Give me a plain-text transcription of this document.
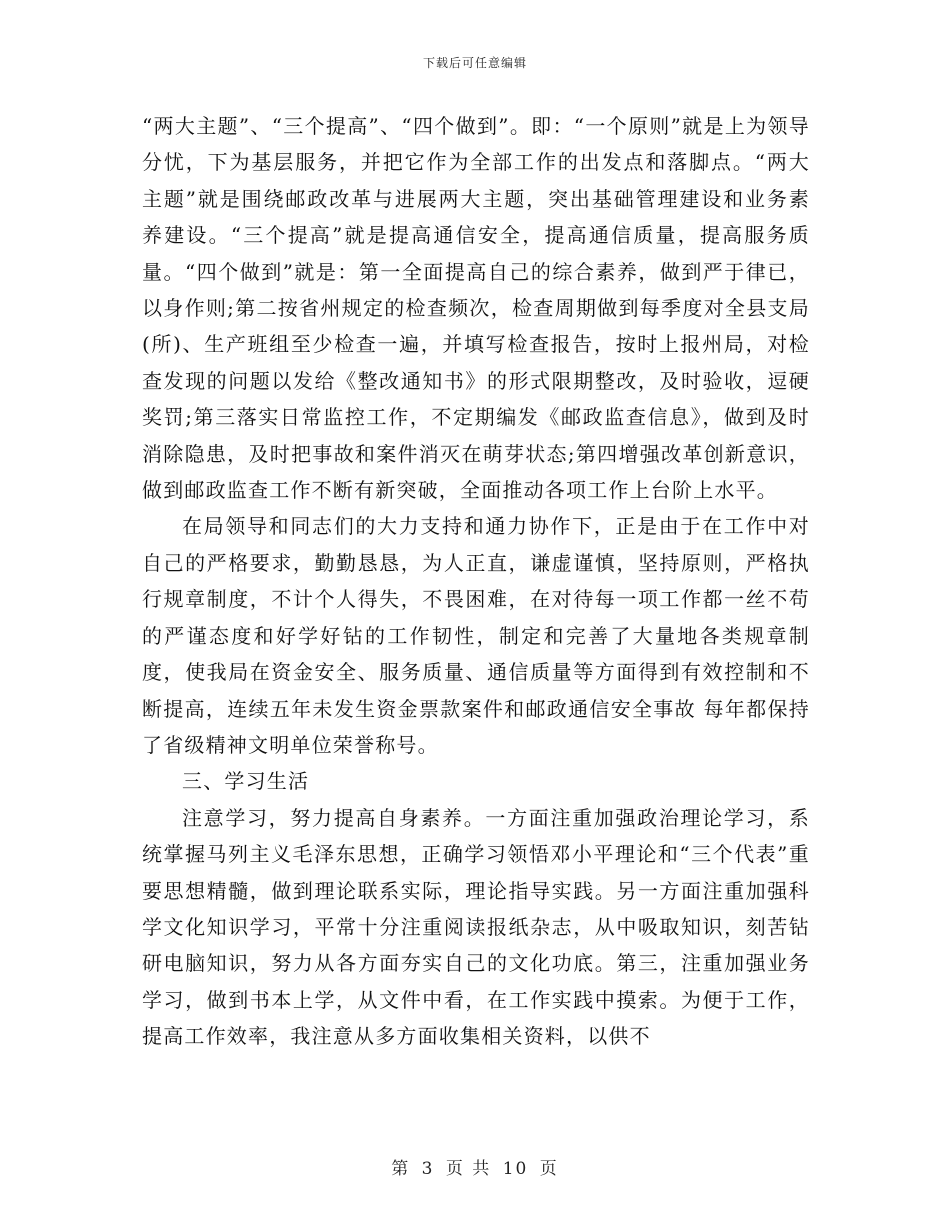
下载后可任意编辑

“两大主题”、“三个提高”、“四个做到”。即：“一个原则”就是上为领导分忧，下为基层服务，并把它作为全部工作的出发点和落脚点。“两大主题”就是围绕邮政改革与进展两大主题，突出基础管理建设和业务素养建设。“三个提高”就是提高通信安全，提高通信质量，提高服务质量。“四个做到”就是：第一全面提高自己的综合素养，做到严于律已，以身作则;第二按省州规定的检查频次，检查周期做到每季度对全县支局(所)、生产班组至少检查一遍，并填写检查报告，按时上报州局，对检查发现的问题以发给《整改通知书》的形式限期整改，及时验收，逗硬奖罚;第三落实日常监控工作，不定期编发《邮政监查信息》，做到及时消除隐患，及时把事故和案件消灭在萌芽状态;第四增强改革创新意识，做到邮政监查工作不断有新突破，全面推动各项工作上台阶上水平。

在局领导和同志们的大力支持和通力协作下，正是由于在工作中对自己的严格要求，勤勤恳恳，为人正直，谦虚谨慎，坚持原则，严格执行规章制度，不计个人得失，不畏困难，在对待每一项工作都一丝不苟的严谨态度和好学好钻的工作韧性，制定和完善了大量地各类规章制度，使我局在资金安全、服务质量、通信质量等方面得到有效控制和不断提高，连续五年未发生资金票款案件和邮政通信安全事故 每年都保持了省级精神文明单位荣誉称号。

三、学习生活

注意学习，努力提高自身素养。一方面注重加强政治理论学习，系统掌握马列主义毛泽东思想，正确学习领悟邓小平理论和“三个代表”重要思想精髓，做到理论联系实际，理论指导实践。另一方面注重加强科学文化知识学习，平常十分注重阅读报纸杂志，从中吸取知识，刻苦钻研电脑知识，努力从各方面夯实自己的文化功底。第三，注重加强业务学习，做到书本上学，从文件中看，在工作实践中摸索。为便于工作，提高工作效率，我注意从多方面收集相关资料，以供不

第 3 页 共 10 页
